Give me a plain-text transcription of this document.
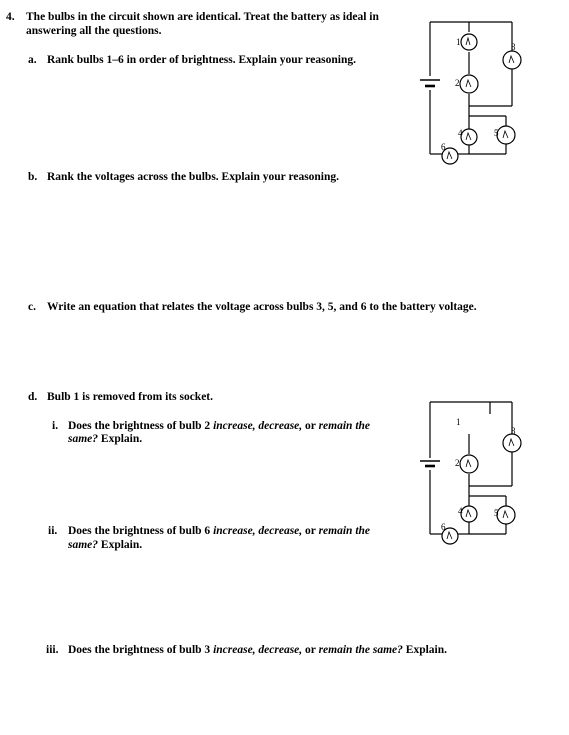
4. The bulbs in the circuit shown are identical. Treat the battery as ideal in
answering all the questions.
a. Rank bulbs 1–6 in order of brightness. Explain your reasoning.
b. Rank the voltages across the bulbs. Explain your reasoning.
c. Write an equation that relates the voltage across bulbs 3, 5, and 6 to the battery voltage.
d. Bulb 1 is removed from its socket.
i. Does the brightness of bulb 2 increase, decrease, or remain the
same? Explain.
ii. Does the brightness of bulb 6 increase, decrease, or remain the
same? Explain.
iii. Does the brightness of bulb 3 increase, decrease, or remain the same? Explain.
1
2
3
4	5
6
1
2
3
4	5
6
